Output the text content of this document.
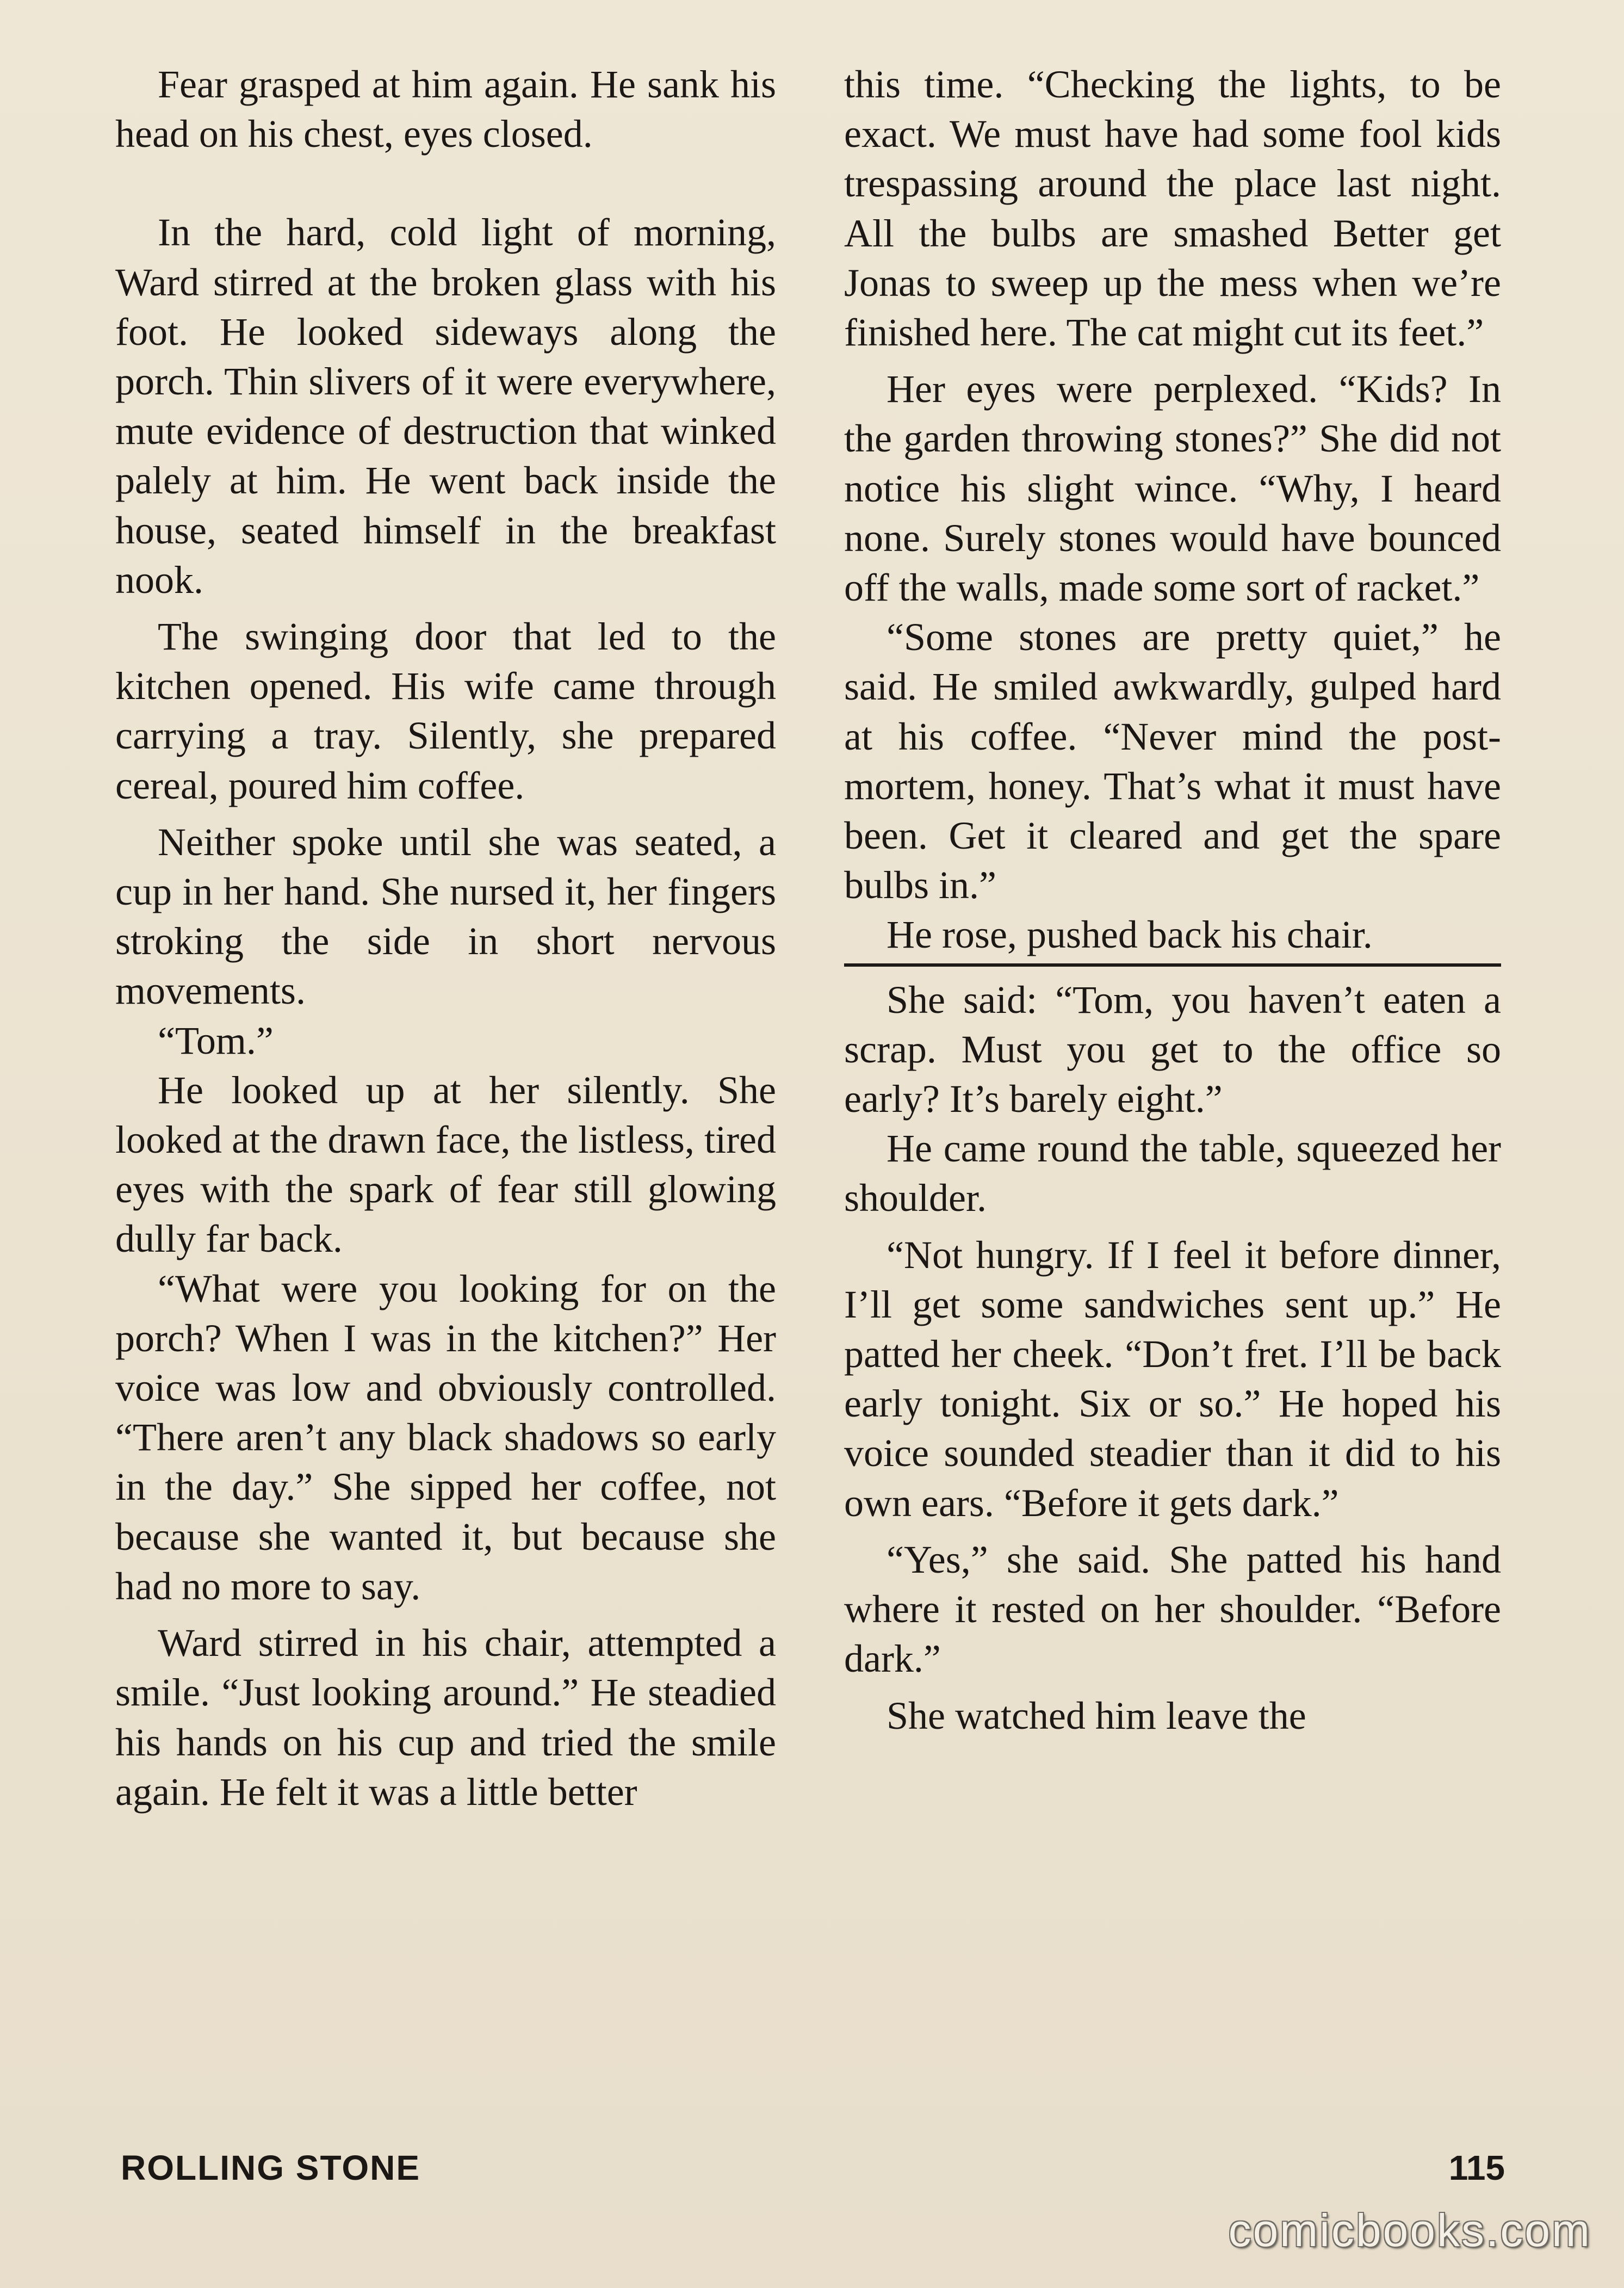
Fear grasped at him again. He sank his head on his chest, eyes closed.

In the hard, cold light of morning, Ward stirred at the broken glass with his foot. He looked sideways along the porch. Thin slivers of it were everywhere, mute evidence of destruction that winked palely at him. He went back inside the house, seated himself in the breakfast nook.

The swinging door that led to the kitchen opened. His wife came through carrying a tray. Silently, she prepared cereal, poured him coffee.

Neither spoke until she was seated, a cup in her hand. She nursed it, her fingers stroking the side in short nervous movements.

“Tom.”

He looked up at her silently. She looked at the drawn face, the listless, tired eyes with the spark of fear still glowing dully far back.

“What were you looking for on the porch? When I was in the kitchen?” Her voice was low and obviously controlled. “There aren’t any black shadows so early in the day.” She sipped her coffee, not because she wanted it, but because she had no more to say.

Ward stirred in his chair, attempted a smile. “Just looking around.” He steadied his hands on his cup and tried the smile again. He felt it was a little better

this time. “Checking the lights, to be exact. We must have had some fool kids trespassing around the place last night. All the bulbs are smashed Better get Jonas to sweep up the mess when we’re finished here. The cat might cut its feet.”

Her eyes were perplexed. “Kids? In the garden throwing stones?” She did not notice his slight wince. “Why, I heard none. Surely stones would have bounced off the walls, made some sort of racket.”

“Some stones are pretty quiet,” he said. He smiled awkwardly, gulped hard at his coffee. “Never mind the post-mortem, honey. That’s what it must have been. Get it cleared and get the spare bulbs in.”

He rose, pushed back his chair.

She said: “Tom, you haven’t eaten a scrap. Must you get to the office so early? It’s barely eight.”

He came round the table, squeezed her shoulder.

“Not hungry. If I feel it before dinner, I’ll get some sandwiches sent up.” He patted her cheek. “Don’t fret. I’ll be back early tonight. Six or so.” He hoped his voice sounded steadier than it did to his own ears. “Before it gets dark.”

“Yes,” she said. She patted his hand where it rested on her shoulder. “Before dark.”

She watched him leave the

ROLLING STONE	115
comicbooks.com
